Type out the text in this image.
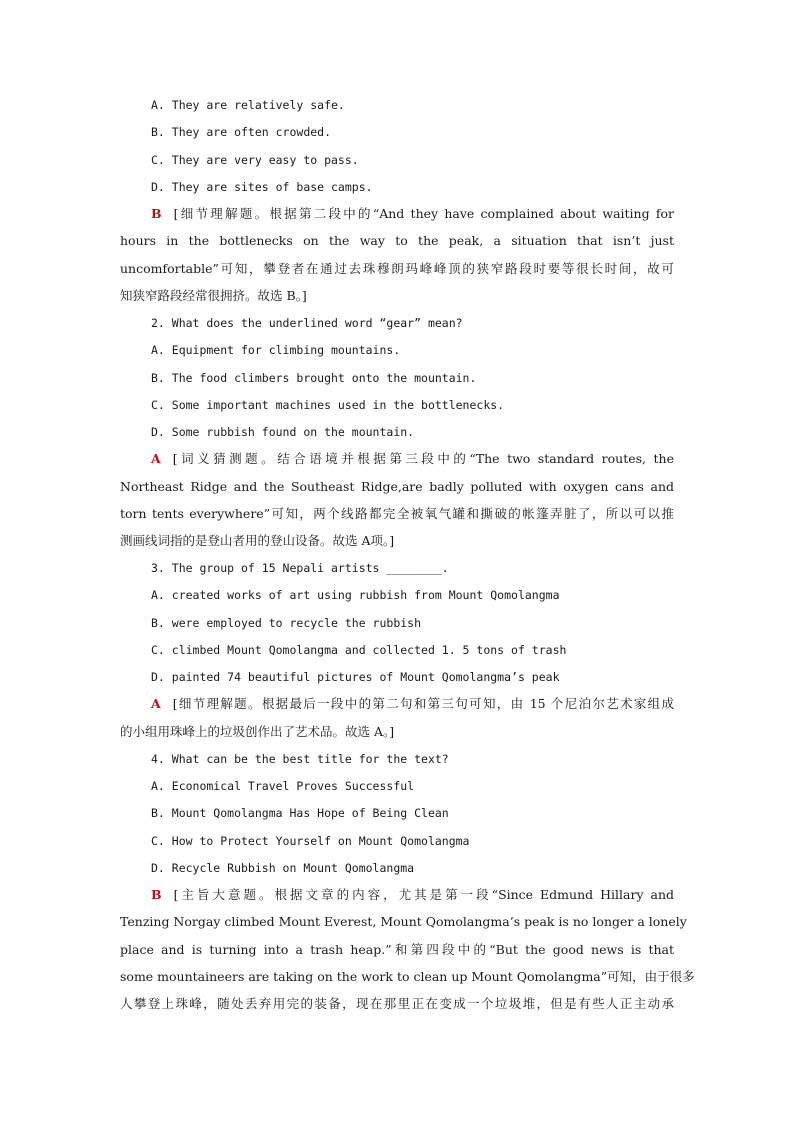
A. They are relatively safe.
B. They are often crowded.
C. They are very easy to pass.
D. They are sites of base camps.
B [细节理解题。根据第二段中的“And they have complained about waiting for
hours in the bottlenecks on the way to the peak, a situation that isn’t just
uncomfortable”可知，攀登者在通过去珠穆朗玛峰峰顶的狭窄路段时要等很长时间，故可
知狭窄路段经常很拥挤。故选 B。]
2. What does the underlined word “gear” mean?
A. Equipment for climbing mountains.
B. The food climbers brought onto the mountain.
C. Some important machines used in the bottlenecks.
D. Some rubbish found on the mountain.
A [词义猜测题。结合语境并根据第三段中的“The two standard routes, the
Northeast Ridge and the Southeast Ridge,are badly polluted with oxygen cans and
torn tents everywhere”可知，两个线路都完全被氧气罐和撕破的帐篷弄脏了，所以可以推
测画线词指的是登山者用的登山设备。故选 A项。]
3. The group of 15 Nepali artists ________.
A. created works of art using rubbish from Mount Qomolangma
B. were employed to recycle the rubbish
C. climbed Mount Qomolangma and collected 1. 5 tons of trash
D. painted 74 beautiful pictures of Mount Qomolangma’s peak
A [细节理解题。根据最后一段中的第二句和第三句可知，由 15 个尼泊尔艺术家组成
的小组用珠峰上的垃圾创作出了艺术品。故选 A。]
4. What can be the best title for the text?
A. Economical Travel Proves Successful
B. Mount Qomolangma Has Hope of Being Clean
C. How to Protect Yourself on Mount Qomolangma
D. Recycle Rubbish on Mount Qomolangma
B [主旨大意题。根据文章的内容，尤其是第一段“Since Edmund Hillary and
Tenzing Norgay climbed Mount Everest, Mount Qomolangma’s peak is no longer a lonely
place and is turning into a trash heap.”和第四段中的“But the good news is that
some mountaineers are taking on the work to clean up Mount Qomolangma”可知，由于很多
人攀登上珠峰，随处丢弃用完的装备，现在那里正在变成一个垃圾堆，但是有些人正主动承
